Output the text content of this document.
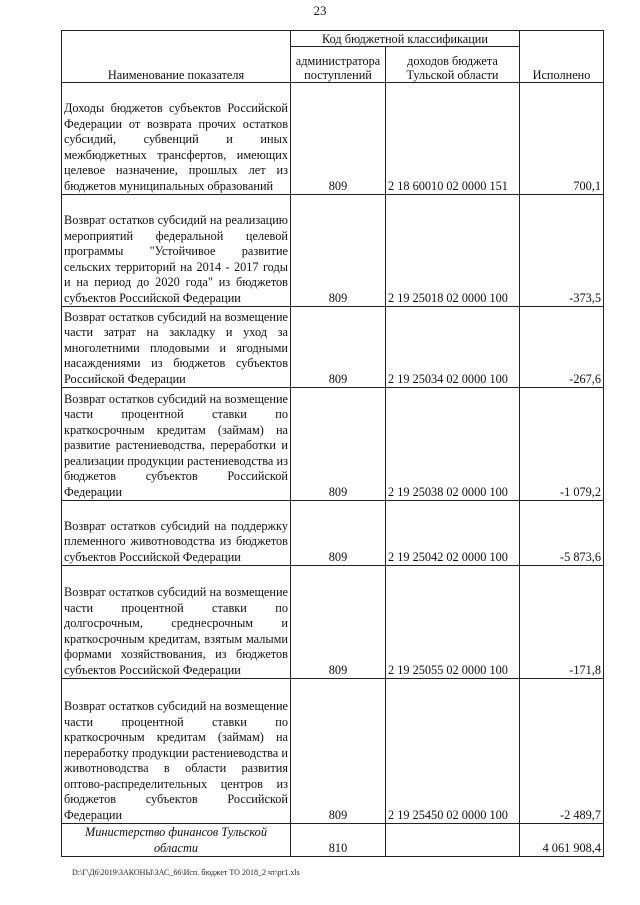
23
Наименование показателя	Код бюджетной классификации		Исполнено
	администратора поступлений	доходов бюджета Тульской области	
Доходы бюджетов субъектов Российской Федерации от возврата прочих остатков субсидий, субвенций и иных межбюджетных трансфертов, имеющих целевое назначение, прошлых лет из бюджетов муниципальных образований	809	2 18 60010 02 0000 151	700,1
Возврат остатков субсидий на реализацию мероприятий федеральной целевой программы "Устойчивое развитие сельских территорий на 2014 - 2017 годы и на период до 2020 года" из бюджетов субъектов Российской Федерации	809	2 19 25018 02 0000 100	-373,5
Возврат остатков субсидий на возмещение части затрат на закладку и уход за многолетними плодовыми и ягодными насаждениями из бюджетов субъектов Российской Федерации	809	2 19 25034 02 0000 100	-267,6
Возврат остатков субсидий на возмещение части процентной ставки по краткосрочным кредитам (займам) на развитие растениеводства, переработки и реализации продукции растениеводства из бюджетов субъектов Российской Федерации	809	2 19 25038 02 0000 100	-1 079,2
Возврат остатков субсидий на поддержку племенного животноводства из бюджетов субъектов Российской Федерации	809	2 19 25042 02 0000 100	-5 873,6
Возврат остатков субсидий на возмещение части процентной ставки по долгосрочным, среднесрочным и краткосрочным кредитам, взятым малыми формами хозяйствования, из бюджетов субъектов Российской Федерации	809	2 19 25055 02 0000 100	-171,8
Возврат остатков субсидий на возмещение части процентной ставки по краткосрочным кредитам (займам) на переработку продукции растениеводства и животноводства в области развития оптово-распределительных центров из бюджетов субъектов Российской Федерации	809	2 19 25450 02 0000 100	-2 489,7
Министерство финансов Тульской области	810		4 061 908,4
D:\Г\Д6\2019\ЗАКОНЫ\ЗАС_66\Исп. бюджет ТО 2018_2 чт\pr1.xls
